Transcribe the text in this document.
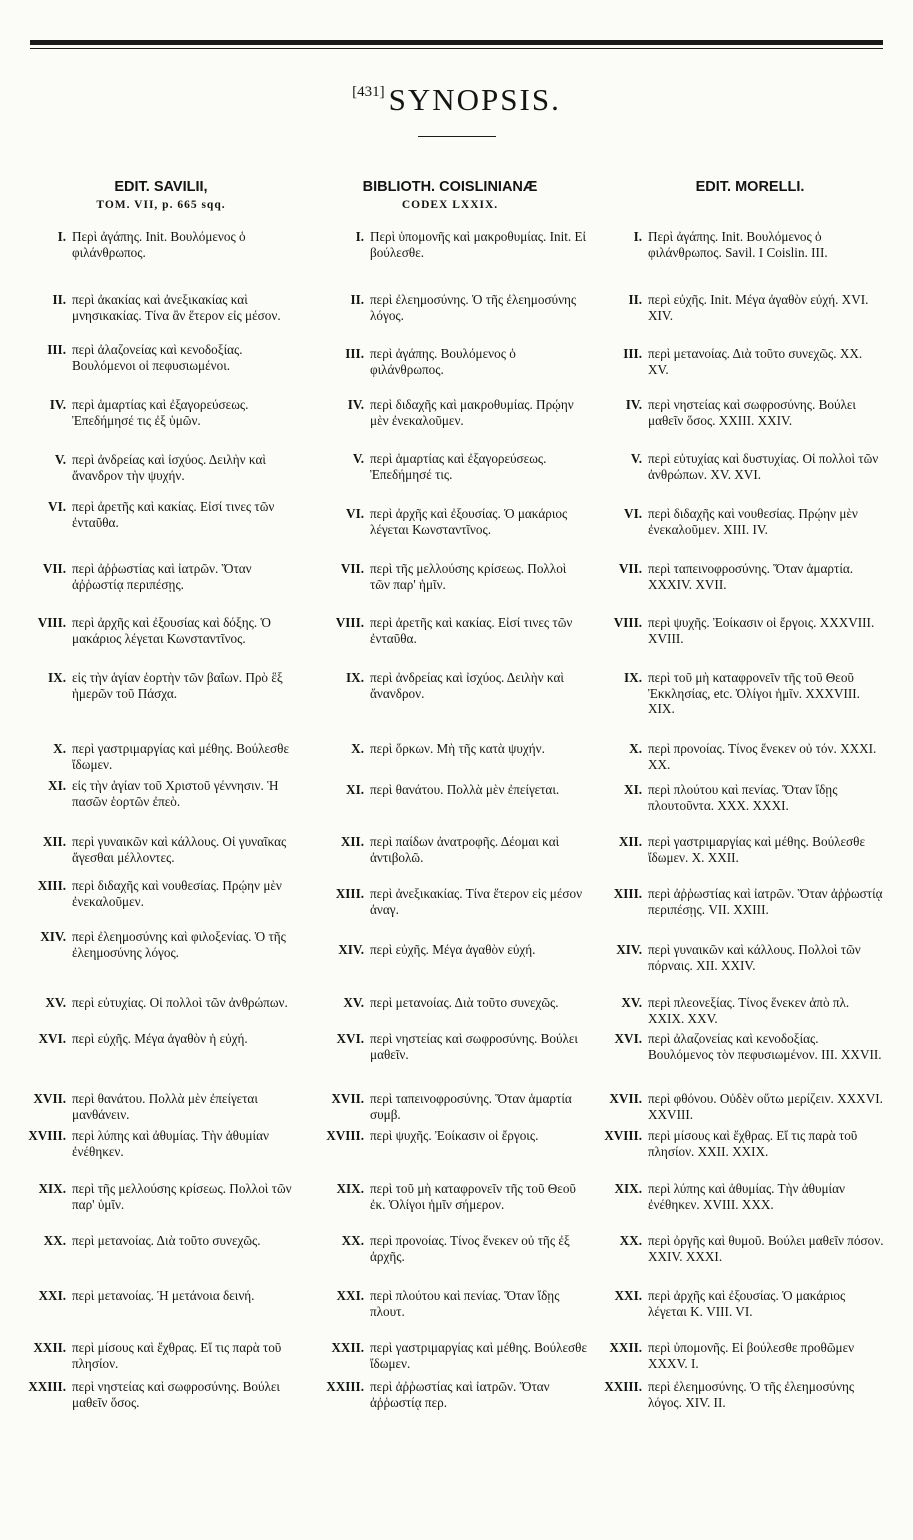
[431] SYNOPSIS.
EDIT. SAVILII,
TOM. VII, p. 665 sqq.
BIBLIOTH. COISLINIANÆ
CODEX LXXIX.
EDIT. MORELLI.
I. Περὶ ἀγάπης. Init. Βουλόμενος ὁ φιλάνθρωπος.
II. περὶ ἀκακίας καὶ ἀνεξικακίας καὶ μνησικακίας. Τίνα ἂν ἕτερον εἰς μέσον.
III. περὶ ἀλαζονείας καὶ κενοδοξίας. Βουλόμενοι οἱ πεφυσιωμένοι.
IV. περὶ ἁμαρτίας καὶ ἐξαγορεύσεως. Ἐπεδήμησέ τις ἐξ ὑμῶν.
V. περὶ ἀνδρείας καὶ ἰσχύος. Δειλὴν καὶ ἄνανδρον τὴν ψυχήν.
VI. περὶ ἀρετῆς καὶ κακίας. Εἰσί τινες τῶν ἐνταῦθα.
VII. περὶ ἀῤῥωστίας καὶ ἰατρῶν. Ὅταν ἀῤῥωστίᾳ περιπέσῃς.
VIII. περὶ ἀρχῆς καὶ ἐξουσίας καὶ δόξης. Ὁ μακάριος λέγεται Κωνσταντῖνος.
IX. εἰς τὴν ἁγίαν ἑορτὴν τῶν βαΐων. Πρὸ ἓξ ἡμερῶν τοῦ Πάσχα.
X. περὶ γαστριμαργίας καὶ μέθης. Βούλεσθε ἴδωμεν.
XI. εἰς τὴν ἁγίαν τοῦ Χριστοῦ γέννησιν. Ἡ πασῶν ἑορτῶν ἐπεὸ.
XII. περὶ γυναικῶν καὶ κάλλους. Οἱ γυναῖκας ἄγεσθαι μέλλοντες.
XIII. περὶ διδαχῆς καὶ νουθεσίας. Πρῴην μὲν ἐνεκαλοῦμεν.
XIV. περὶ ἐλεημοσύνης καὶ φιλοξενίας. Ὁ τῆς ἐλεημοσύνης λόγος.
XV. περὶ εὐτυχίας. Οἱ πολλοὶ τῶν ἀνθρώπων.
XVI. περὶ εὐχῆς. Μέγα ἀγαθὸν ἡ εὐχή.
XVII. περὶ θανάτου. Πολλὰ μὲν ἐπείγεται μανθάνειν.
XVIII. περὶ λύπης καὶ ἀθυμίας. Τὴν ἀθυμίαν ἐνέθηκεν.
XIX. περὶ τῆς μελλούσης κρίσεως. Πολλοὶ τῶν παρ' ὑμῖν.
XX. περὶ μετανοίας. Διὰ τοῦτο συνεχῶς.
XXI. περὶ μετανοίας. Ἡ μετάνοια δεινή.
XXII. περὶ μίσους καὶ ἔχθρας. Εἴ τις παρὰ τοῦ πλησίον.
XXIII. περὶ νηστείας καὶ σωφροσύνης. Βούλει μαθεῖν ὅσος.
I. Περὶ ὑπομονῆς καὶ μακροθυμίας. Init. Εἰ βούλεσθε.
II. περὶ ἐλεημοσύνης. Ὁ τῆς ἐλεημοσύνης λόγος.
III. περὶ ἀγάπης. Βουλόμενος ὁ φιλάνθρωπος.
IV. περὶ διδαχῆς καὶ μακροθυμίας. Πρῴην μὲν ἐνεκαλοῦμεν.
V. περὶ ἁμαρτίας καὶ ἐξαγορεύσεως. Ἐπεδήμησέ τις.
VI. περὶ ἀρχῆς καὶ ἐξουσίας. Ὁ μακάριος λέγεται Κωνσταντῖνος.
VII. περὶ τῆς μελλούσης κρίσεως. Πολλοὶ τῶν παρ' ἡμῖν.
VIII. περὶ ἀρετῆς καὶ κακίας. Εἰσί τινες τῶν ἐνταῦθα.
IX. περὶ ἀνδρείας καὶ ἰσχύος. Δειλὴν καὶ ἄνανδρον.
X. περὶ ὅρκων. Μὴ τῆς κατὰ ψυχήν.
XI. περὶ θανάτου. Πολλὰ μὲν ἐπείγεται.
XII. περὶ παίδων ἀνατροφῆς. Δέομαι καὶ ἀντιβολῶ.
XIII. περὶ ἀνεξικακίας. Τίνα ἕτερον εἰς μέσον ἀναγ.
XIV. περὶ εὐχῆς. Μέγα ἀγαθὸν εὐχή.
XV. περὶ μετανοίας. Διὰ τοῦτο συνεχῶς.
XVI. περὶ νηστείας καὶ σωφροσύνης. Βούλει μαθεῖν.
XVII. περὶ ταπεινοφροσύνης. Ὅταν ἁμαρτία συμβ.
XVIII. περὶ ψυχῆς. Ἐοίκασιν οἱ ἔργοις.
XIX. περὶ τοῦ μὴ καταφρονεῖν τῆς τοῦ Θεοῦ ἐκ. Ὀλίγοι ἡμῖν σήμερον.
XX. περὶ προνοίας. Τίνος ἕνεκεν οὐ τῆς ἐξ ἀρχῆς.
XXI. περὶ πλούτου καὶ πενίας. Ὅταν ἴδῃς πλουτ.
XXII. περὶ γαστριμαργίας καὶ μέθης. Βούλεσθε ἴδωμεν.
XXIII. περὶ ἀῤῥωστίας καὶ ἰατρῶν. Ὅταν ἀῤῥωστίᾳ περ.
I. Περὶ ἀγάπης. Init. Βουλόμενος ὁ φιλάνθρωπος. Savil. I Coislin. III.
II. περὶ εὐχῆς. Init. Μέγα ἀγαθὸν εὐχή. XVI. XIV.
III. περὶ μετανοίας. Διὰ τοῦτο συνεχῶς. XX. XV.
IV. περὶ νηστείας καὶ σωφροσύνης. Βούλει μαθεῖν ὅσος. XXIII. XXIV.
V. περὶ εὐτυχίας καὶ δυστυχίας. Οἱ πολλοὶ τῶν ἀνθρώπων. XV. XVI.
VI. περὶ διδαχῆς καὶ νουθεσίας. Πρῴην μὲν ἐνεκαλοῦμεν. XIII. IV.
VII. περὶ ταπεινοφροσύνης. Ὅταν ἁμαρτία. XXXIV. XVII.
VIII. περὶ ψυχῆς. Ἐοίκασιν οἱ ἔργοις. XXXVIII. XVIII.
IX. περὶ τοῦ μὴ καταφρονεῖν τῆς τοῦ Θεοῦ Ἐκκλησίας, etc. Ὀλίγοι ἡμῖν. XXXVIII. XIX.
X. περὶ προνοίας. Τίνος ἕνεκεν οὐ τόν. XXXI. XX.
XI. περὶ πλούτου καὶ πενίας. Ὅταν ἴδῃς πλουτοῦντα. XXX. XXXI.
XII. περὶ γαστριμαργίας καὶ μέθης. Βούλεσθε ἴδωμεν. X. XXII.
XIII. περὶ ἀῤῥωστίας καὶ ἰατρῶν. Ὅταν ἀῤῥωστίᾳ περιπέσῃς. VII. XXIII.
XIV. περὶ γυναικῶν καὶ κάλλους. Πολλοὶ τῶν πόρναις. XII. XXIV.
XV. περὶ πλεονεξίας. Τίνος ἕνεκεν ἀπὸ πλ. XXIX. XXV.
XVI. περὶ ἀλαζονείας καὶ κενοδοξίας. Βουλόμενος τὸν πεφυσιωμένον. III. XXVII.
XVII. περὶ φθόνου. Οὐδὲν οὕτω μερίζειν. XXXVI. XXVIII.
XVIII. περὶ μίσους καὶ ἔχθρας. Εἴ τις παρὰ τοῦ πλησίον. XXII. XXIX.
XIX. περὶ λύπης καὶ ἀθυμίας. Τὴν ἀθυμίαν ἐνέθηκεν. XVIII. XXX.
XX. περὶ ὀργῆς καὶ θυμοῦ. Βούλει μαθεῖν πόσον. XXIV. XXXI.
XXI. περὶ ἀρχῆς καὶ ἐξουσίας. Ὁ μακάριος λέγεται Κ. VIII. VI.
XXII. περὶ ὑπομονῆς. Εἰ βούλεσθε προθῶμεν XXXV. I.
XXIII. περὶ ἐλεημοσύνης. Ὁ τῆς ἐλεημοσύνης λόγος. XIV. II.
